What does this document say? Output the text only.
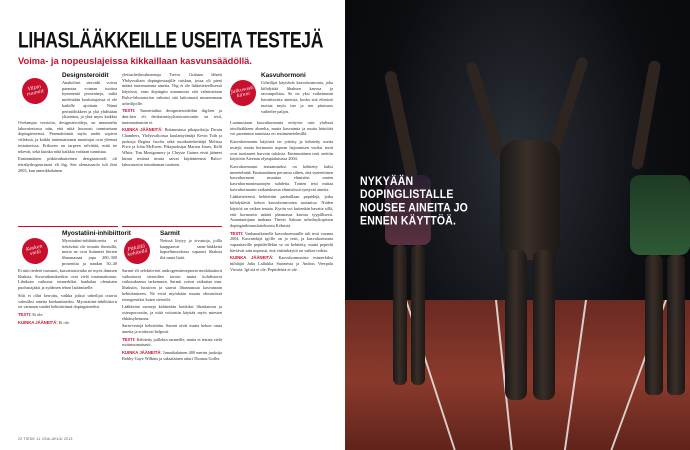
LIHASLÄÄKKEILLE USEITA TESTEJÄ
Voima- ja nopeuslajeissa kikkaillaan kasvunsäädöllä.
Vilpin ruumiit
Designsteroidit

Anaboliset steroidit voivat parantaa voiman tuottoa kymmeniä prosentteja, mikä mielestään kouluttajoissa ei ole kaikille ajoittain. Nämä perintöliikkeet ja yhä yhdistään ylitaintoa, ja yhtä myös kaikkia

Ovelampia versioita, designsteroideja, on muunneltu laboratoriossa niin, että niitä huonosti tunnistetaan dopingtesteissä. Pesemättömät myös uudet sopivat viileässä, ja kaikki tuntemattomat muuttujat ovat yleensä testattavissa. Erikseen on tarpeen selvittää, mitä ne tekevät, sekä kuinka niitä kaikkia voidaan tunnistaa.

Ensimmäinen pitkävaikutteinen designsteroidi oli tetrahydrogestrinoni eli thg. Sen olemassaolo tuli ilmi 2003, kun amerikkalainen

yleisurheiluvalmentaja Trevor Graham lähetti Yhdysvaltain dopingtestaajille ruiskun, jossa oli pieni määrä tuntematonta ainetta. Thg ei ole lääketieteellisessä käytössä, vaan dopingiin muunnosta sitä valmistetaan Balco-laboratorion valmisti sitä laittomasti nimenomaan urheilijoille.

TESTI: Tunnettuihin designsteroideihin thg:hen ja dmt:hen eli deoksimetyylitestosteroniin on testi, tuntemattomiin ei.

KUINKA JÄÄNEITÄ: Britanniassa pikajuoksija Dwain Chambers, Yhdysvaltoissa kuulantyöntäjä Kevin Toth ja juoksija Regina Jacobs sekä moukarinheittäjä Melissa Price ja John McEwen. Pikajuoksijat Marion Jones, Kelli White, Tim Montgomery ja Chryste Gaines eivät jääneet kiinni testissä mutta saivat käyttäneensä Balco-laboratorion toimittaman tuotteen.

Jatkuvasti kiinni
Kasvuhormoni

Urheilijat käyttävät kasvuhormonia, joka kiihdyttää lihaksen kasvua ja rasvanpolttoa. Se on yksi vaikeimmin havaittavista aineista, koska sitä elimistö tuottaa myös itse ja sen pitoisuus vaihtelee paljon.

Luonnostaan kasvuhormonia erittyvin osin yhdessä aivolisäkkeen alueelta, mutta kasvaimia ja muita häiriöitä voi paremmin tunnistaa eri testimenetelmillä.

Kasvuhormonin käytöstä on yritetty ja kehitetty useita testejä, mutta hormonin nopean hajoamisen vuoksi testit ovat tuottaneet harvoin tuloksia. Ensimmäinen testi otettiin käyttöön Ateenan olympialaisissa 2004.

Kasvuhormonin testaamiseksi on kehitetty kaksi menetelmää. Ensimmäinen perustuu siihen, että synteettinen kasvuhormoni muuttaa elimistön omien kasvuhormonimuotojen suhdetta. Toinen testi mittaa kasvuhormonin vaikutuksesta elimistössä syntyviä aineita.

Lääketieteessä kehitettiin parhaillaan peptidejä, jotka kiihdyttävät kehon kasvuhormonien tuotantoa. Niiden käyttöä on vaikea testata. Kyrön voi kuitenkin havaita sillä, että hormonin määrä plasmassa kasvaa tyypillisesti. Asiantuntijana mukana Thevis Saksan urheiluyliopiston dopingtutkimuslaitoksesta Kölnistä.

TESTI: Vanhanaikaiselle kasvuhormonille tuli testi vuonna 2004. Kasvutekijä igf:lle on jo testi, ja kasvuhormonia vapauttaville peptideillekin se on kehitetty, mutta peptidit häviävät niin nopeasti, että väärinkäyttö on vaikea todeta.

KUINKA JÄÄNEITÄ: Kasvuhormonista esimerkiksi hiihtäjät Juha Lallukka Suomesta ja Andrus Veerpalu Virosta. Igf:stä ei ole. Peptideistä ei ole.

Kesken vielä
Myostatiini-inhibiittorit

Myostatiini-inhibiittoreita ei tiettävästi ole testattu ihmisillä, mutta ne ovat lisänneet hiirten lihasmassaa jopa 200–300 prosenttia ja naudan 30–40

Ei niin tiedetä varmasti, kasvattaisivatko ne myös ihmisen lihaksia. Sivuvaikutuksetkin ovat vielä tuntemattomia. Lihaksen vaikutus esimerkiksi hankalaa olemisten puolustajaksi ja sydämen tehon lisäämiselle.

Silti ei ollut kerrottu, vaikka jotkut urheilijat ottavat valmiiksi ainetta koekaniineiksi. Myostatiini-inhibiittorit on varmaan vaadet kehittävänsä dopingaineeksi.

TESTI: Ei ole.

KUINKA JÄÄNEITÄ: Ei ole.

Pitkällä kehitellä
Sarmit

Netissä löytyy jo sivustoja, joilla kauppaavat sarm-lääkkeitä kapselimuodossa vapaasti lihaksia iltä nasta lisää.

Sarmit eli selektiiviset androgeenireseptorin modulaattorit vaikuttavat steroidien tavoin mutta kohdistavat vaikutuksensa tarkemmin. Sarmit voivat vaikuttaa mm. lihaksiin, luustoon ja saavat lihasmassaa kasvamaan kehittämiseen. Ne eivät myöskään muutu elimistössä estrogeeniksi kuten steroidit.

Lääkkeinä sarmeja kehitetään hoidoksi lihaskatoon ja osteoporoosiin, ja niitä voitaisiin käyttää myös miesten ehkäisykeinona.

Sarm-testejä kehitetään. Sarmit eivät mutta kehon omia aineita ja erottuvat helposti.

TESTI: Kehitetty joillekin sarmeille, mutta ei testata vielä rutiininomaisesti.

KUINKA JÄÄNEITÄ: Jamaikalainen 400 metrin juoksija Bobby-Gaye Wilkins ja saksalainen aituri Thomas Goller.

22 TIEDE 11 JOULUKUU 2013
NYKYÄÄN DOPINGLISTALLE NOUSEE AINEITA JO ENNEN KÄYTTÖÄ.
